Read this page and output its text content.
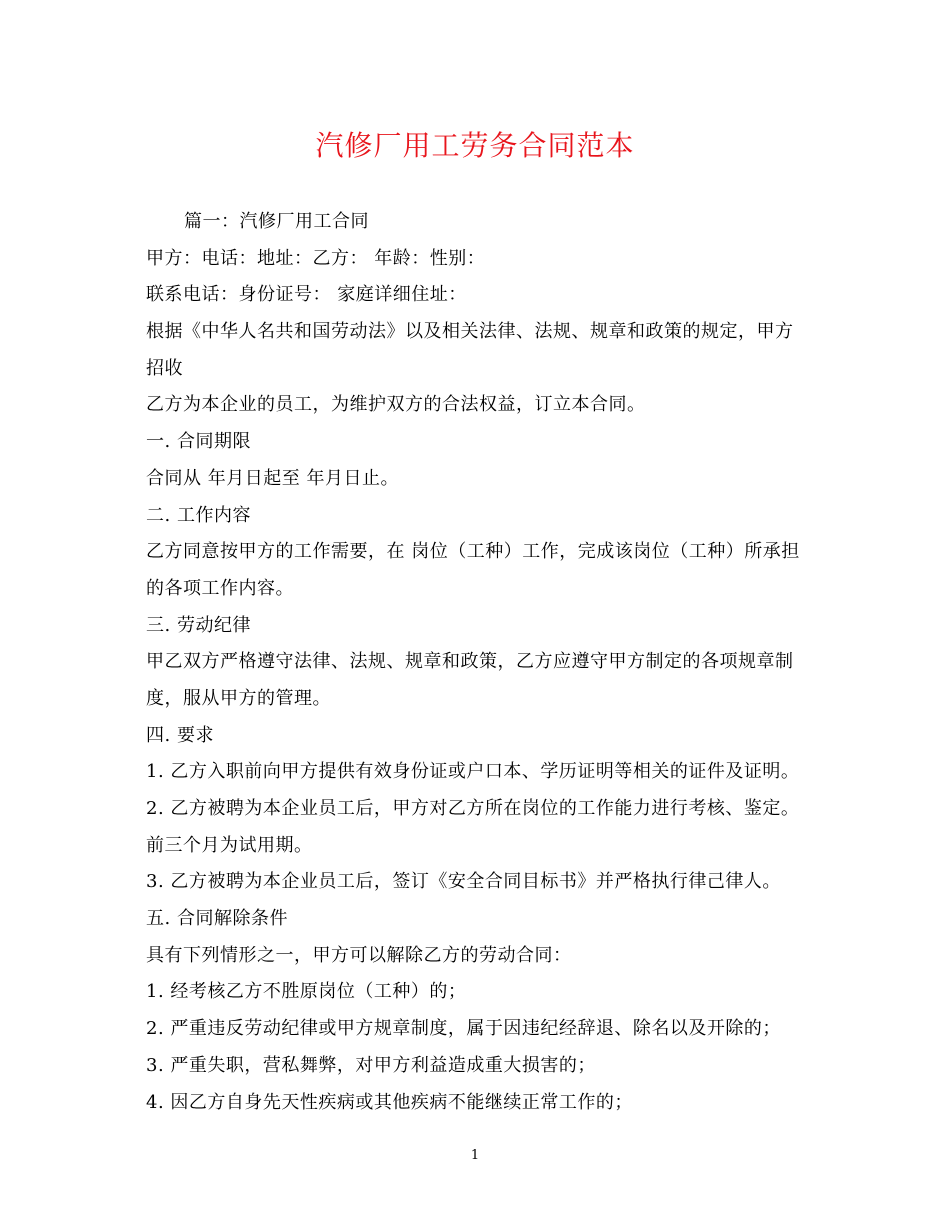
汽修厂用工劳务合同范本
篇一：汽修厂用工合同
甲方：电话：地址：乙方： 年龄：性别：
联系电话：身份证号： 家庭详细住址：
根据《中华人名共和国劳动法》以及相关法律、法规、规章和政策的规定，甲方
招收
乙方为本企业的员工，为维护双方的合法权益，订立本合同。
一. 合同期限
合同从 年月日起至 年月日止。
二. 工作内容
乙方同意按甲方的工作需要，在 岗位（工种）工作，完成该岗位（工种）所承担
的各项工作内容。
三. 劳动纪律
甲乙双方严格遵守法律、法规、规章和政策，乙方应遵守甲方制定的各项规章制
度，服从甲方的管理。
四. 要求
1. 乙方入职前向甲方提供有效身份证或户口本、学历证明等相关的证件及证明。
2. 乙方被聘为本企业员工后，甲方对乙方所在岗位的工作能力进行考核、鉴定。
前三个月为试用期。
3. 乙方被聘为本企业员工后，签订《安全合同目标书》并严格执行律己律人。
五. 合同解除条件
具有下列情形之一，甲方可以解除乙方的劳动合同：
1. 经考核乙方不胜原岗位（工种）的；
2. 严重违反劳动纪律或甲方规章制度，属于因违纪经辞退、除名以及开除的；
3. 严重失职，营私舞弊，对甲方利益造成重大损害的；
4. 因乙方自身先天性疾病或其他疾病不能继续正常工作的；
1
